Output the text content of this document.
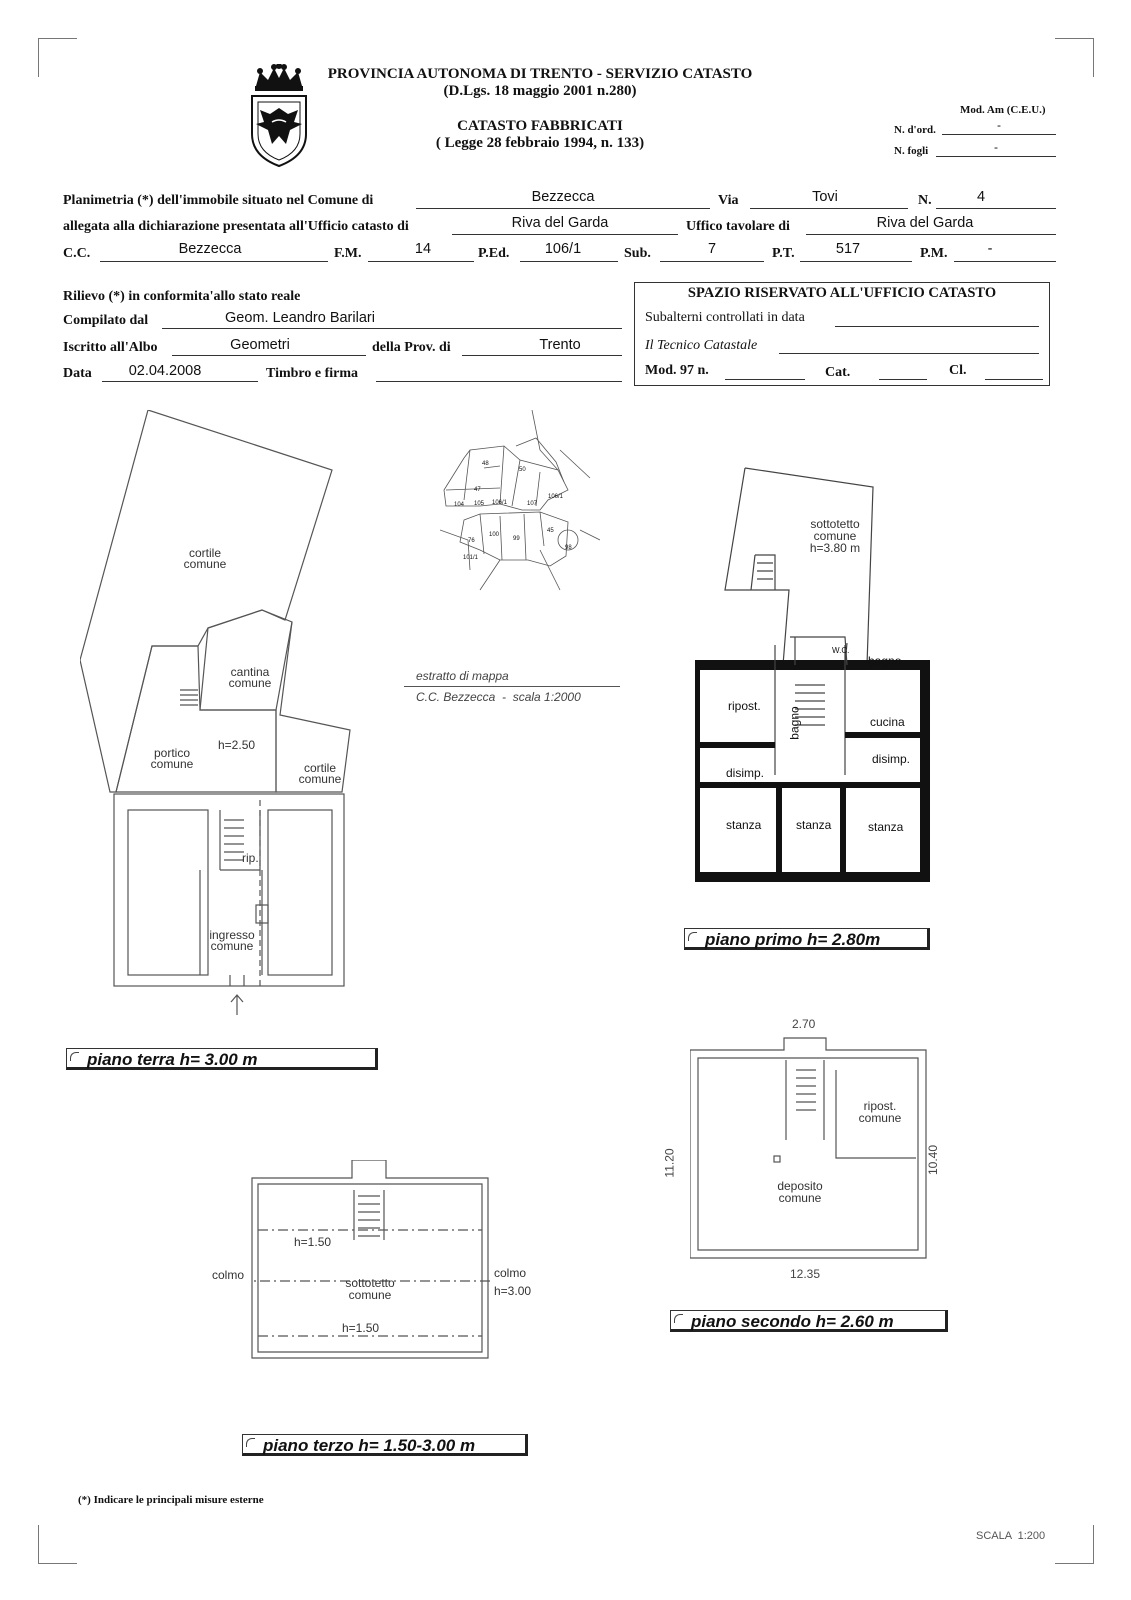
PROVINCIA AUTONOMA DI TRENTO - SERVIZIO CATASTO
(D.Lgs. 18 maggio 2001 n.280)
CATASTO FABBRICATI
( Legge 28 febbraio 1994, n. 133)
Mod. Am (C.E.U.)
N. d'ord.	-
N. fogli	-
Planimetria (*) dell'immobile situato nel Comune di	Bezzecca	Via	Tovi	N.	4
allegata alla dichiarazione presentata all'Ufficio catasto di	Riva del Garda	Uffico tavolare di	Riva del Garda
C.C.	Bezzecca	F.M.	14	P.Ed.	106/1	Sub.	7	P.T.	517	P.M.	-
Rilievo (*) in conformita'allo stato reale
Compilato dal	Geom. Leandro Barilari
Iscritto all'Albo	Geometri	della Prov. di	Trento
Data	02.04.2008	Timbro e firma
SPAZIO RISERVATO ALL'UFFICIO CATASTO
Subalterni controllati in data
Il Tecnico Catastale
Mod. 97 n.	Cat.	Cl.
cortile
comune
cantina
comune
portico
comune
h=2.50
cortile
comune
rip.
ingresso
comune
48
50
47
104 105 106/1	107
100
99
45
98
101/1
106/1
76
estratto di mappa
C.C. Bezzecca  -  scala 1:2000
sottotetto
comune
h=3.80 m
W.C.
bagno
ripost.
bagno	cucina
disimp.
disimp.
stanza	stanza	stanza
2.70
11.20	10.40
12.35
ripost.
comune
deposito
comune
h=1.50
colmo	colmo
h=3.00
sottotetto
comune
h=1.50
piano terra h= 3.00 m
piano primo h= 2.80m
piano secondo h= 2.60 m
piano terzo h= 1.50-3.00 m
(*) Indicare le principali misure esterne
SCALA  1:200
